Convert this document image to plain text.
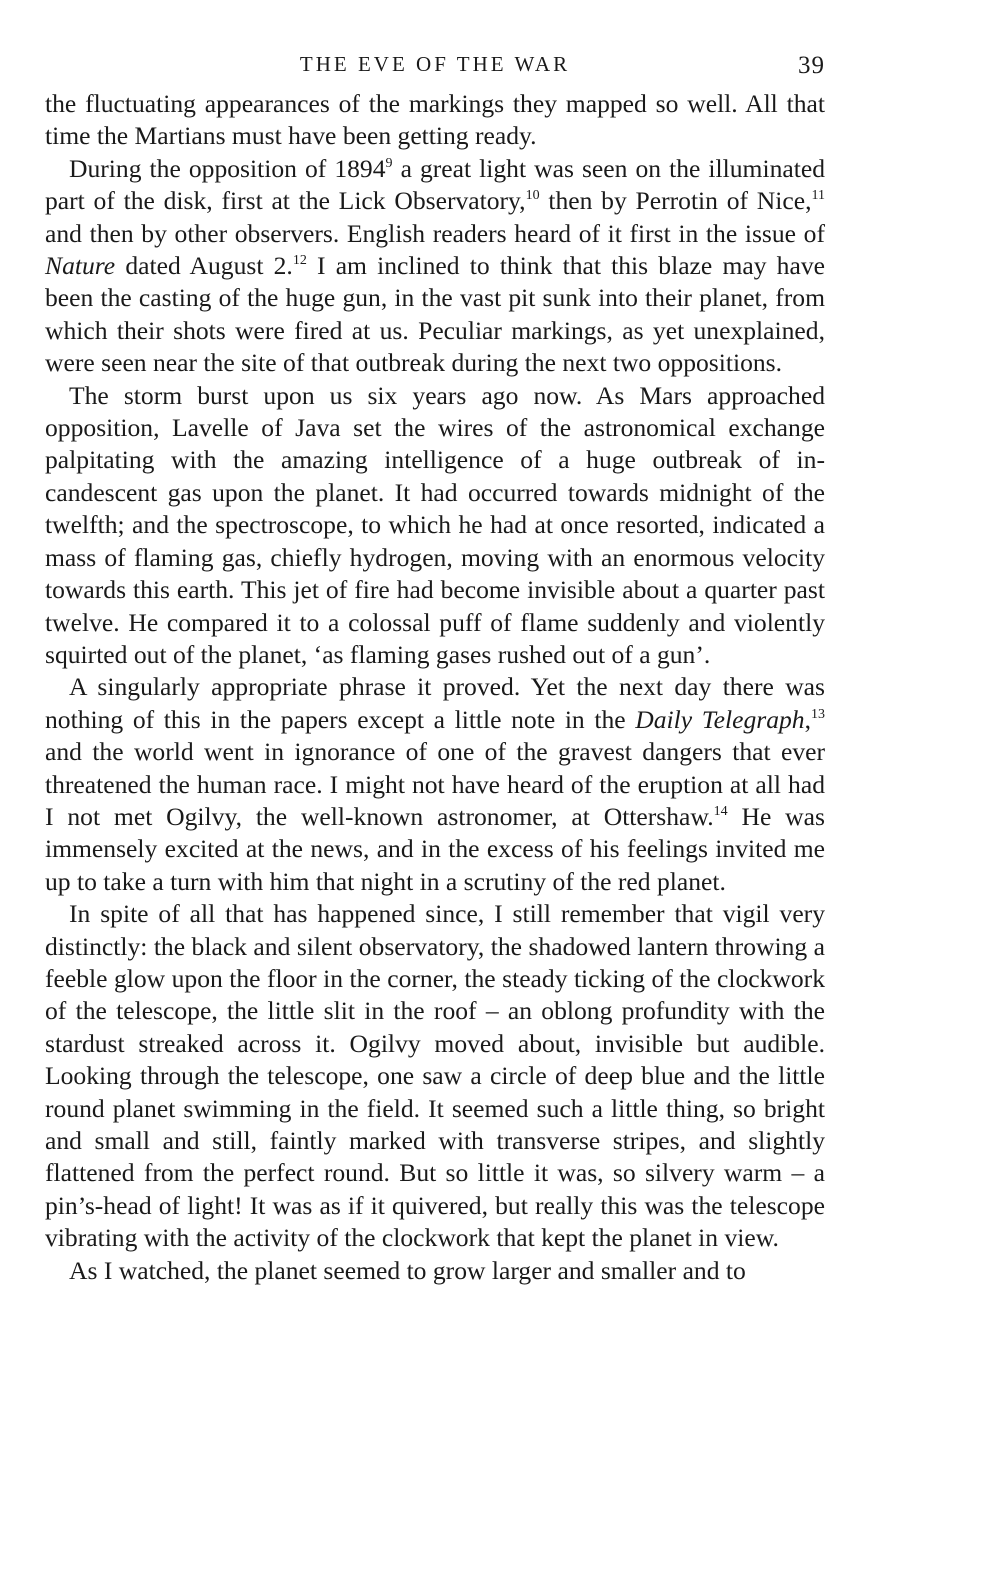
THE EVE OF THE WAR	39

the fluctuating appearances of the markings they mapped so well. All that time the Martians must have been getting ready.

During the opposition of 1894$^9$ a great light was seen on the illuminated part of the disk, first at the Lick Observatory,$^{10}$ then by Perrotin of Nice,$^{11}$ and then by other observers. English readers heard of it first in the issue of Nature dated August 2.12 I am inclined to think that this blaze may have been the casting of the huge gun, in the vast pit sunk into their planet, from which their shots were fired at us. Peculiar markings, as yet unexplained, were seen near the site of that outbreak during the next two oppositions.

The storm burst upon us six years ago now. As Mars approached opposition, Lavelle of Java set the wires of the astronomical exchange palpitating with the amazing intelligence of a huge outbreak of incandescent gas upon the planet. It had occurred towards midnight of the twelfth; and the spectroscope, to which he had at once resorted, indicated a mass of flaming gas, chiefly hydrogen, moving with an enormous velocity towards this earth. This jet of fire had become invisible about a quarter past twelve. He compared it to a colossal puff of flame suddenly and violently squirted out of the planet, ‘as flaming gases rushed out of a gun’.

A singularly appropriate phrase it proved. Yet the next day there was nothing of this in the papers except a little note in the Daily Telegraph,$^{13}$ and the world went in ignorance of one of the gravest dangers that ever threatened the human race. I might not have heard of the eruption at all had I not met Ogilvy, the well-known astronomer, at Ottershaw.$^{14}$ He was immensely excited at the news, and in the excess of his feelings invited me up to take a turn with him that night in a scrutiny of the red planet.

In spite of all that has happened since, I still remember that vigil very distinctly: the black and silent observatory, the shadowed lantern throwing a feeble glow upon the floor in the corner, the steady ticking of the clockwork of the telescope, the little slit in the roof – an oblong profundity with the stardust streaked across it. Ogilvy moved about, invisible but audible. Looking through the telescope, one saw a circle of deep blue and the little round planet swimming in the field. It seemed such a little thing, so bright and small and still, faintly marked with transverse stripes, and slightly flattened from the perfect round. But so little it was, so silvery warm – a pin’s-head of light! It was as if it quivered, but really this was the telescope vibrating with the activity of the clockwork that kept the planet in view.

As I watched, the planet seemed to grow larger and smaller and to
